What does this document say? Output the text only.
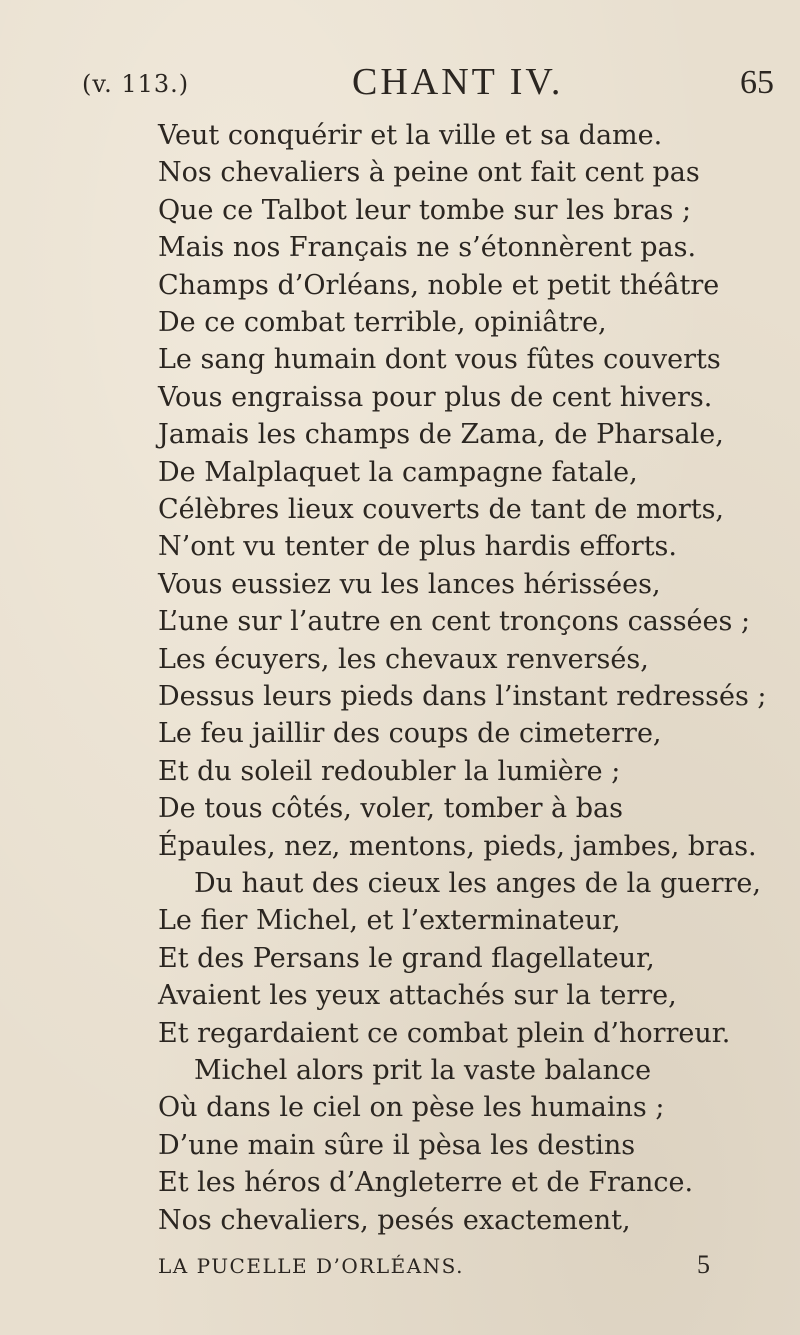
(v. 113.)	CHANT IV.	65
Veut conquérir et la ville et sa dame.
Nos chevaliers à peine ont fait cent pas
Que ce Talbot leur tombe sur les bras ;
Mais nos Français ne s’étonnèrent pas.
Champs d’Orléans, noble et petit théâtre
De ce combat terrible, opiniâtre,
Le sang humain dont vous fûtes couverts
Vous engraissa pour plus de cent hivers.
Jamais les champs de Zama, de Pharsale,
De Malplaquet la campagne fatale,
Célèbres lieux couverts de tant de morts,
N’ont vu tenter de plus hardis efforts.
Vous eussiez vu les lances hérissées,
L’une sur l’autre en cent tronçons cassées ;
Les écuyers, les chevaux renversés,
Dessus leurs pieds dans l’instant redressés ;
Le feu jaillir des coups de cimeterre,
Et du soleil redoubler la lumière ;
De tous côtés, voler, tomber à bas
Épaules, nez, mentons, pieds, jambes, bras.
Du haut des cieux les anges de la guerre,
Le fier Michel, et l’exterminateur,
Et des Persans le grand flagellateur,
Avaient les yeux attachés sur la terre,
Et regardaient ce combat plein d’horreur.
Michel alors prit la vaste balance
Où dans le ciel on pèse les humains ;
D’une main sûre il pèsa les destins
Et les héros d’Angleterre et de France.
Nos chevaliers, pesés exactement,
LA PUCELLE D’ORLÉANS.	5
